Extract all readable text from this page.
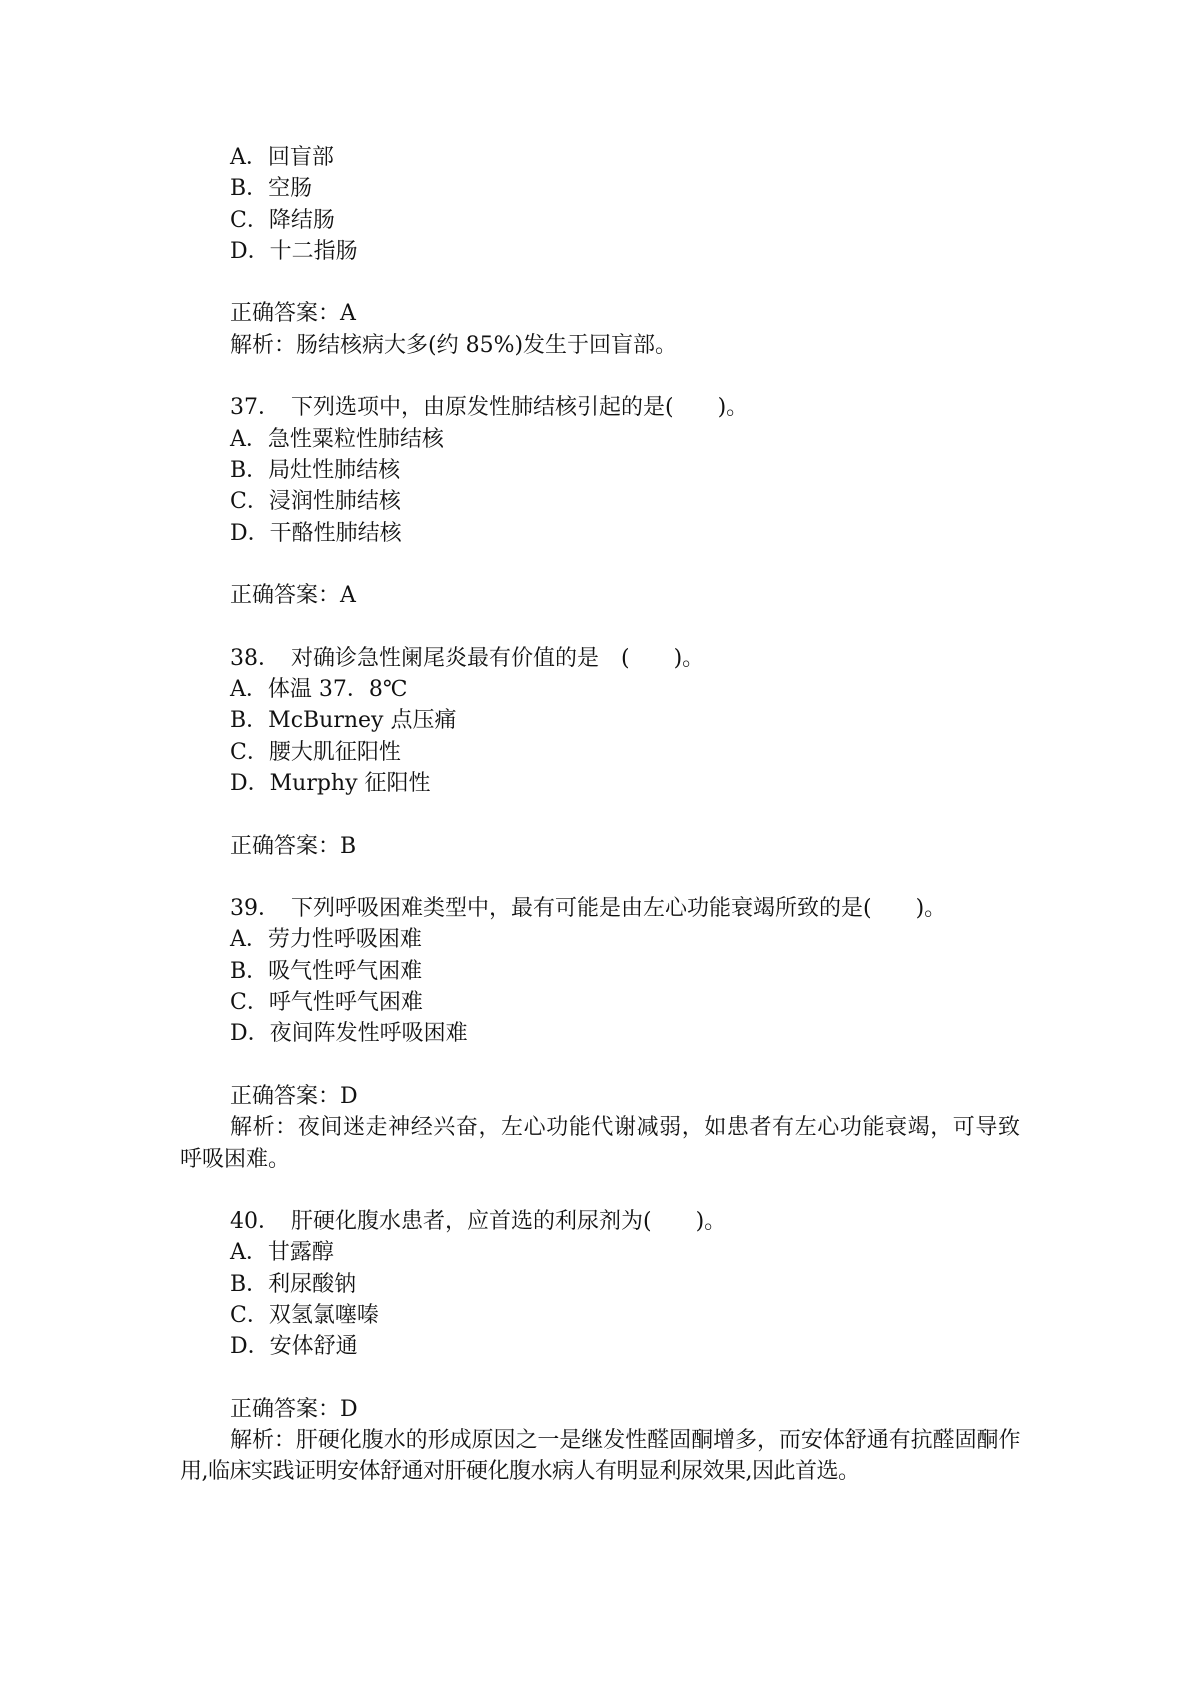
A．回盲部
B．空肠
C．降结肠
D．十二指肠
正确答案：A
解析：肠结核病大多(约 85%)发生于回盲部。
37．　下列选项中，由原发性肺结核引起的是(　　)。
A．急性粟粒性肺结核
B．局灶性肺结核
C．浸润性肺结核
D．干酪性肺结核
正确答案：A
38．　对确诊急性阑尾炎最有价值的是　(　　)。
A．体温 37．8℃
B．McBurney 点压痛
C．腰大肌征阳性
D．Murphy 征阳性
正确答案：B
39．　下列呼吸困难类型中，最有可能是由左心功能衰竭所致的是(　　)。
A．劳力性呼吸困难
B．吸气性呼气困难
C．呼气性呼气困难
D．夜间阵发性呼吸困难
正确答案：D
解析：夜间迷走神经兴奋，左心功能代谢减弱，如患者有左心功能衰竭，可导致呼吸困难。
40．　肝硬化腹水患者，应首选的利尿剂为(　　)。
A．甘露醇
B．利尿酸钠
C．双氢氯噻嗪
D．安体舒通
正确答案：D
解析：肝硬化腹水的形成原因之一是继发性醛固酮增多，而安体舒通有抗醛固酮作用,临床实践证明安体舒通对肝硬化腹水病人有明显利尿效果,因此首选。
